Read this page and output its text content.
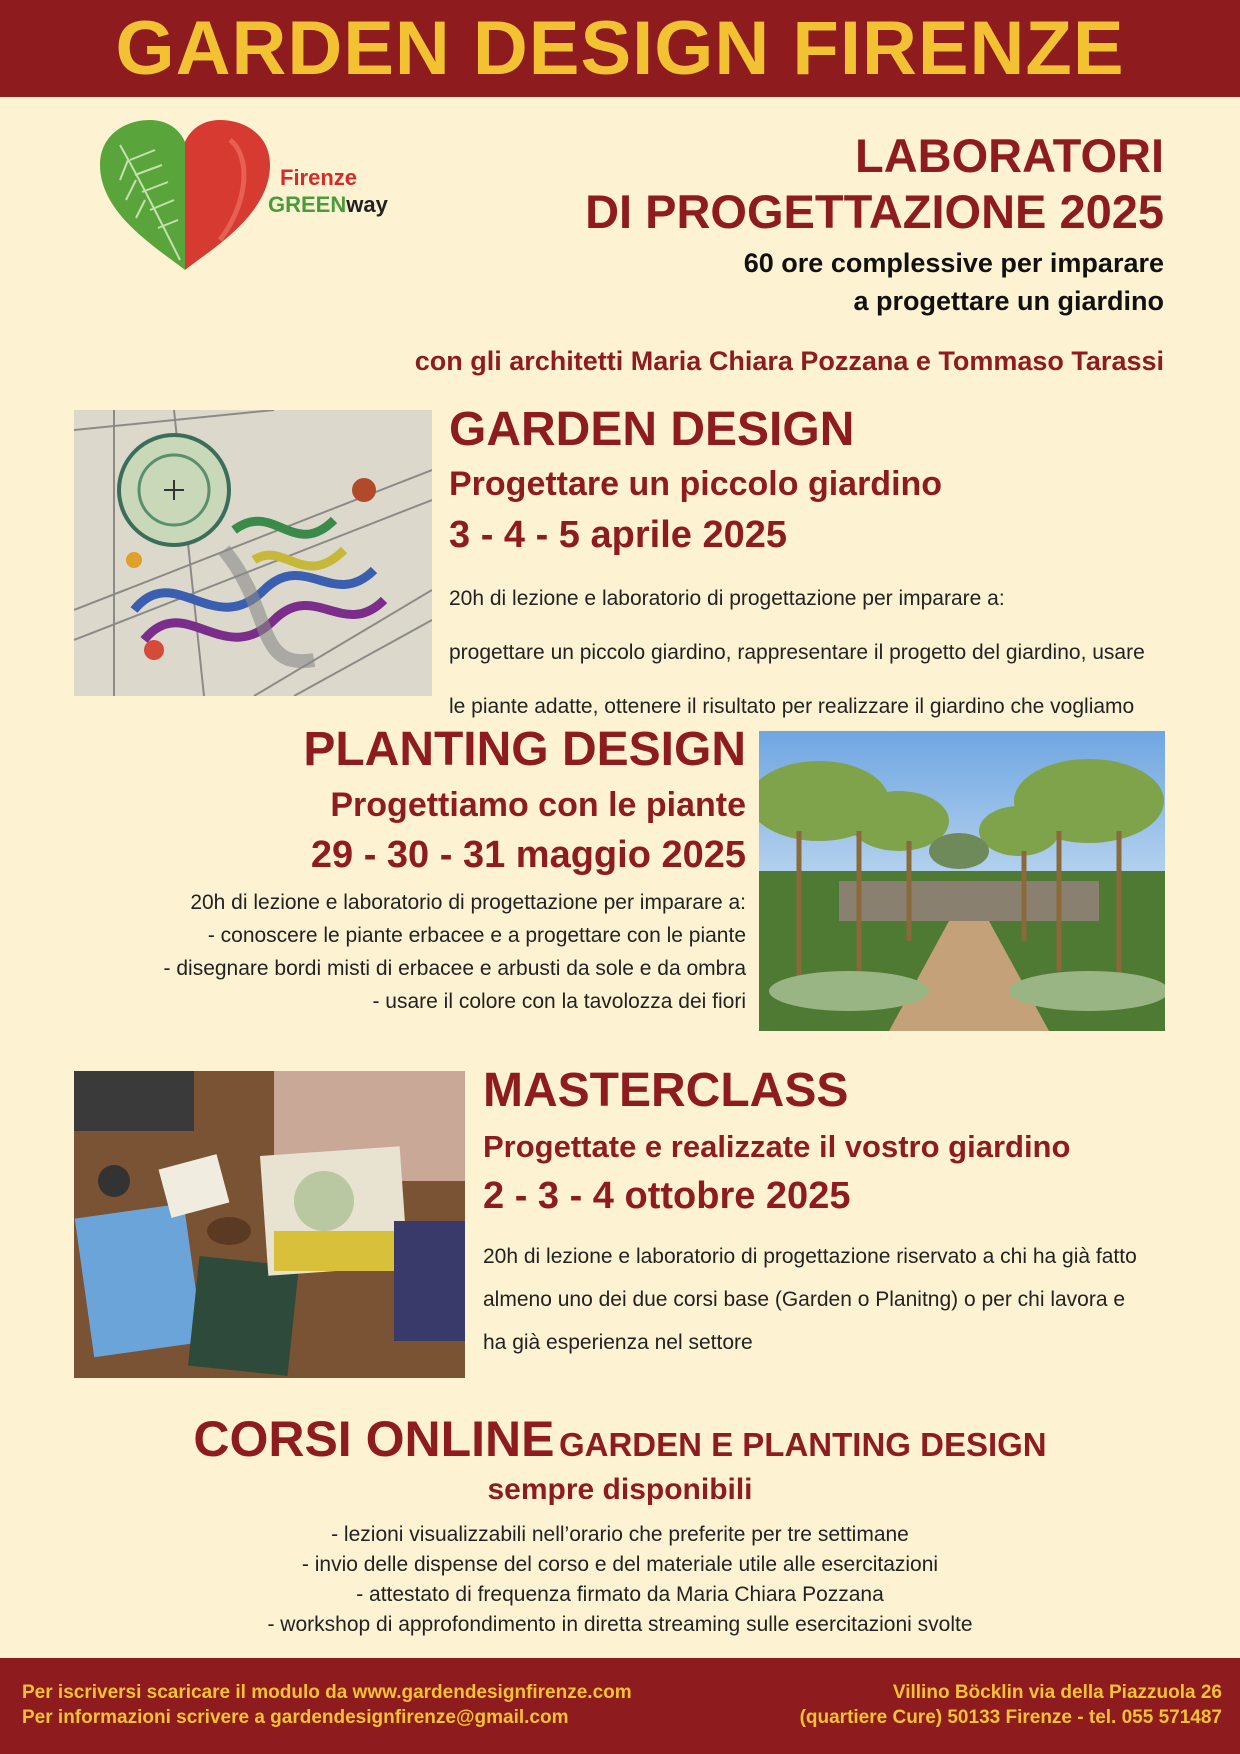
GARDEN DESIGN FIRENZE
Firenze
GREENway
LABORATORI
DI PROGETTAZIONE 2025
60 ore complessive per imparare
a progettare un giardino
con gli architetti Maria Chiara Pozzana e Tommaso Tarassi
GARDEN DESIGN
Progettare un piccolo giardino
3 - 4 - 5 aprile 2025
20h di lezione e laboratorio di progettazione per imparare a:
progettare un piccolo giardino, rappresentare il progetto del giardino, usare
le piante adatte, ottenere il risultato per realizzare il giardino che vogliamo
PLANTING DESIGN
Progettiamo con le piante
29 - 30 - 31 maggio 2025
20h di lezione e laboratorio di progettazione per imparare a:
- conoscere le piante erbacee e a progettare con le piante
- disegnare bordi misti di erbacee e arbusti da sole e da ombra
- usare il colore con la tavolozza dei fiori
MASTERCLASS
Progettate e realizzate il vostro giardino
2 - 3 - 4 ottobre 2025
20h di lezione e laboratorio di progettazione riservato a chi ha già fatto
almeno uno dei due corsi base (Garden o Planitng) o per chi lavora e
ha già esperienza nel settore
CORSI ONLINE GARDEN E PLANTING DESIGN
sempre disponibili
- lezioni visualizzabili nell’orario che preferite per tre settimane
- invio delle dispense del corso e del materiale utile alle esercitazioni
- attestato di frequenza firmato da Maria Chiara Pozzana
- workshop di approfondimento in diretta streaming sulle esercitazioni svolte
Per iscriversi scaricare il modulo da www.gardendesignfirenze.com
Per informazioni scrivere a gardendesignfirenze@gmail.com
Villino Böcklin via della Piazzuola 26
(quartiere Cure) 50133 Firenze - tel. 055 571487
